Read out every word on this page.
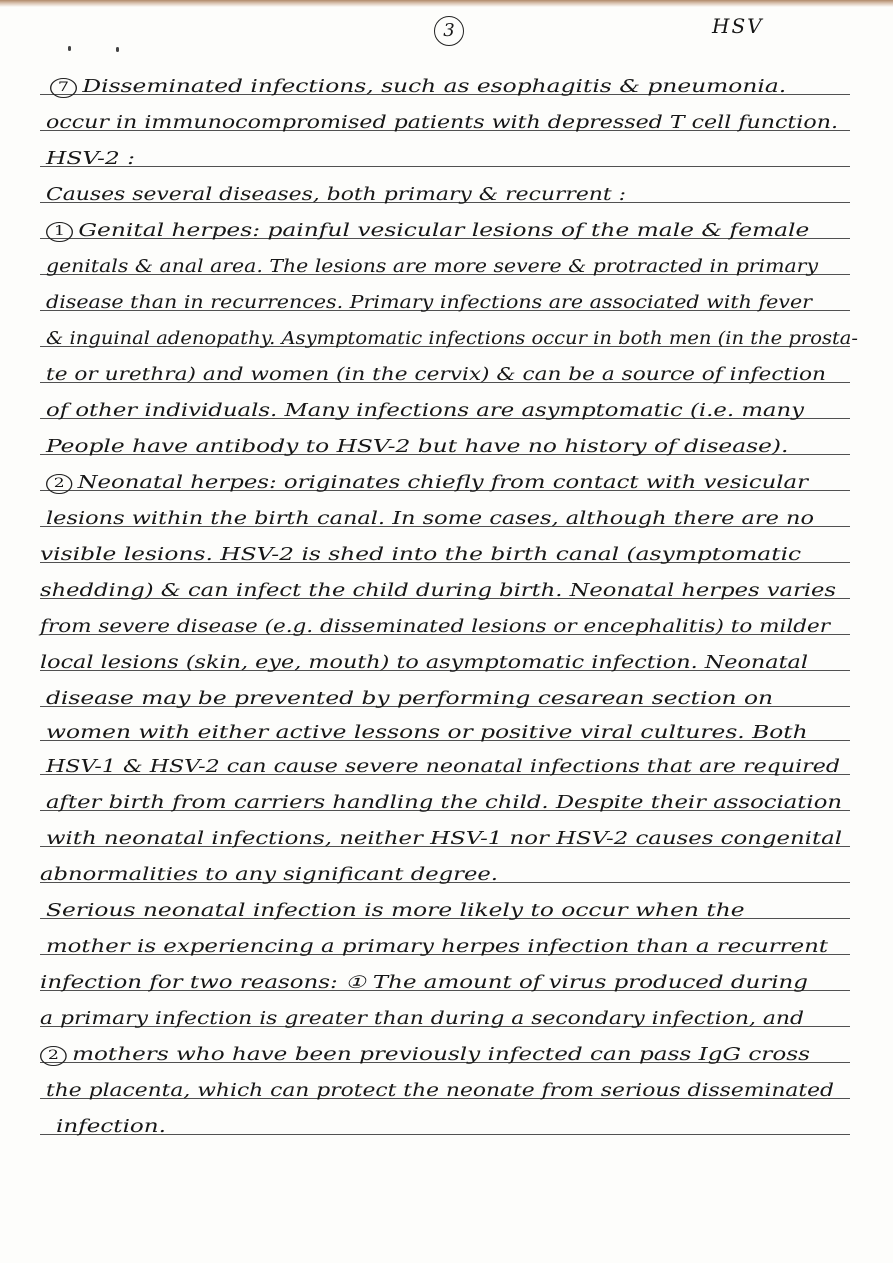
3	HSV
7 Disseminated infections, such as esophagitis & pneumonia.
occur in immunocompromised patients with depressed T cell function.
HSV-2 :
Causes several diseases, both primary & recurrent :
1 Genital herpes: painful vesicular lesions of the male & female
genitals & anal area. The lesions are more severe & protracted in primary
disease than in recurrences. Primary infections are associated with fever
& inguinal adenopathy. Asymptomatic infections occur in both men (in the prosta-
te or urethra) and women (in the cervix) & can be a source of infection
of other individuals. Many infections are asymptomatic (i.e. many
People have antibody to HSV-2 but have no history of disease).
2 Neonatal herpes: originates chiefly from contact with vesicular
lesions within the birth canal. In some cases, although there are no
visible lesions. HSV-2 is shed into the birth canal (asymptomatic
shedding) & can infect the child during birth. Neonatal herpes varies
from severe disease (e.g. disseminated lesions or encephalitis) to milder
local lesions (skin, eye, mouth) to asymptomatic infection. Neonatal
disease may be prevented by performing cesarean section on
women with either active lessons or positive viral cultures. Both
HSV-1 & HSV-2 can cause severe neonatal infections that are required
after birth from carriers handling the child. Despite their association
with neonatal infections, neither HSV-1 nor HSV-2 causes congenital
abnormalities to any significant degree.
Serious neonatal infection is more likely to occur when the
mother is experiencing a primary herpes infection than a recurrent
infection for two reasons: ① The amount of virus produced during
a primary infection is greater than during a secondary infection, and
2 mothers who have been previously infected can pass IgG cross
the placenta, which can protect the neonate from serious disseminated
infection.
